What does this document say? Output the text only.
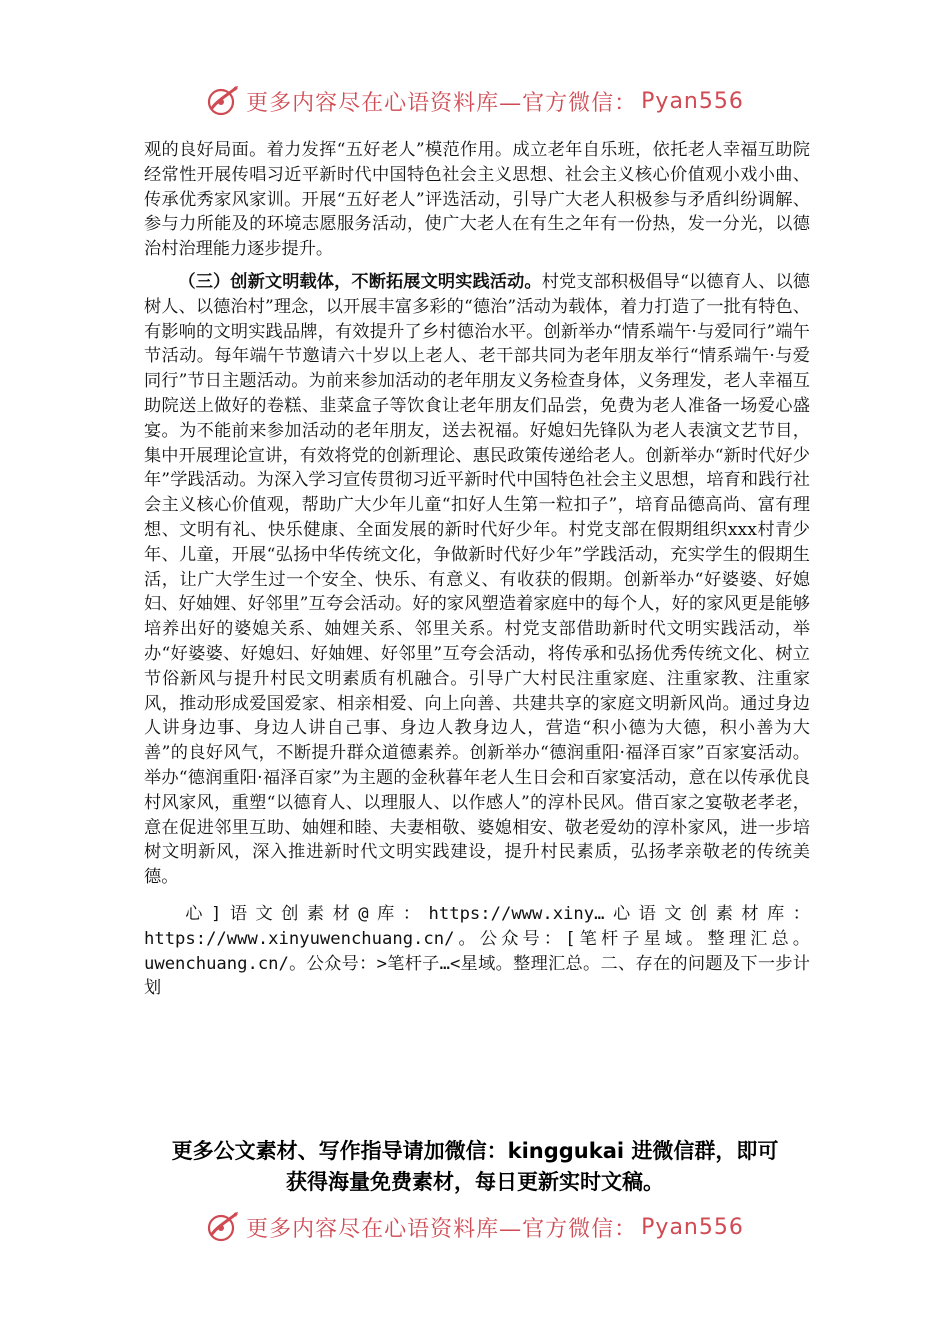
更多内容尽在心语资料库—官方微信： Pyan556

观的良好局面。着力发挥“五好老人”模范作用。成立老年自乐班，依托老人幸福互助院经常性开展传唱习近平新时代中国特色社会主义思想、社会主义核心价值观小戏小曲、传承优秀家风家训。开展“五好老人”评选活动，引导广大老人积极参与矛盾纠纷调解、参与力所能及的环境志愿服务活动，使广大老人在有生之年有一份热，发一分光，以德治村治理能力逐步提升。

（三）创新文明载体，不断拓展文明实践活动。村党支部积极倡导“以德育人、以德树人、以德治村”理念，以开展丰富多彩的“德治”活动为载体，着力打造了一批有特色、有影响的文明实践品牌，有效提升了乡村德治水平。创新举办“情系端午·与爱同行”端午节活动。每年端午节邀请六十岁以上老人、老干部共同为老年朋友举行“情系端午·与爱同行”节日主题活动。为前来参加活动的老年朋友义务检查身体，义务理发，老人幸福互助院送上做好的卷糕、韭菜盒子等饮食让老年朋友们品尝，免费为老人准备一场爱心盛宴。为不能前来参加活动的老年朋友，送去祝福。好媳妇先锋队为老人表演文艺节目，集中开展理论宣讲，有效将党的创新理论、惠民政策传递给老人。创新举办“新时代好少年”学践活动。为深入学习宣传贯彻习近平新时代中国特色社会主义思想，培育和践行社会主义核心价值观，帮助广大少年儿童“扣好人生第一粒扣子”，培育品德高尚、富有理想、文明有礼、快乐健康、全面发展的新时代好少年。村党支部在假期组织xxx村青少年、儿童，开展“弘扬中华传统文化，争做新时代好少年”学践活动，充实学生的假期生活，让广大学生过一个安全、快乐、有意义、有收获的假期。创新举办“好婆婆、好媳妇、好妯娌、好邻里”互夸会活动。好的家风塑造着家庭中的每个人，好的家风更是能够培养出好的婆媳关系、妯娌关系、邻里关系。村党支部借助新时代文明实践活动，举办“好婆婆、好媳妇、好妯娌、好邻里”互夸会活动，将传承和弘扬优秀传统文化、树立节俗新风与提升村民文明素质有机融合。引导广大村民注重家庭、注重家教、注重家风，推动形成爱国爱家、相亲相爱、向上向善、共建共享的家庭文明新风尚。通过身边人讲身边事、身边人讲自己事、身边人教身边人，营造“积小德为大德，积小善为大善”的良好风气，不断提升群众道德素养。创新举办“德润重阳·福泽百家”百家宴活动。举办“德润重阳·福泽百家”为主题的金秋暮年老人生日会和百家宴活动，意在以传承优良村风家风，重塑“以德育人、以理服人、以作感人”的淳朴民风。借百家之宴敬老孝老，意在促进邻里互助、妯娌和睦、夫妻相敬、婆媳相安、敬老爱幼的淳朴家风，进一步培树文明新风，深入推进新时代文明实践建设，提升村民素质，弘扬孝亲敬老的传统美德。

心]语文创素材@库：https://www.xiny…心语文创素材库：https://www.xinyuwenchuang.cn/。公众号：[笔杆子星域。整理汇总。uwenchuang.cn/。公众号：>笔杆子…<星域。整理汇总。二、存在的问题及下一步计划

更多公文素材、写作指导请加微信：kinggukai 进微信群，即可
获得海量免费素材，每日更新实时文稿。
更多内容尽在心语资料库—官方微信： Pyan556
